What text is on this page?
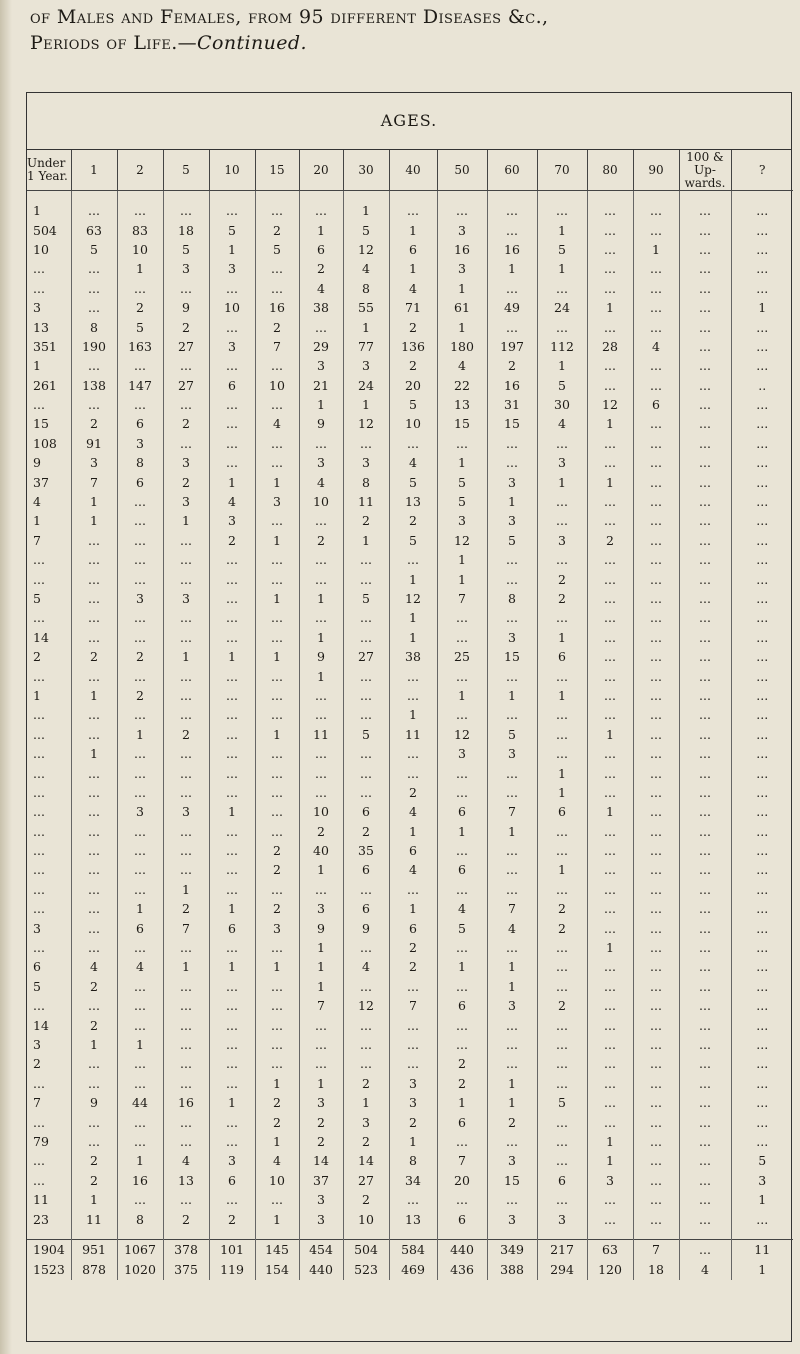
of Males and Females, from 95 different Diseases &c.,
Periods of Life.—Continued.
AGES.
Under 1 Year.	1	2	5	10	15	20	30	40	50	60	70	80	90	100 & Up-wards.	?

1	...	...	...	...	...	...	1	...	...	...	...	...	...	...	...
504	63	83	18	5	2	1	5	1	3	...	1	...	...	...	...
10	5	10	5	1	5	6	12	6	16	16	5	...	1	...	...
...	...	1	3	3	...	2	4	1	3	1	1	...	...	...	...
...	...	...	...	...	...	4	8	4	1	...	...	...	...	...	...
3	...	2	9	10	16	38	55	71	61	49	24	1	...	...	1
13	8	5	2	...	2	...	1	2	1	...	...	...	...	...	...
351	190	163	27	3	7	29	77	136	180	197	112	28	4	...	...
1	...	...	...	...	...	3	3	2	4	2	1	...	...	...	...
261	138	147	27	6	10	21	24	20	22	16	5	...	...	...	..
...	...	...	...	...	...	1	1	5	13	31	30	12	6	...	...
15	2	6	2	...	4	9	12	10	15	15	4	1	...	...	...
108	91	3	...	...	...	...	...	...	...	...	...	...	...	...	...
9	3	8	3	...	...	3	3	4	1	...	3	...	...	...	...
37	7	6	2	1	1	4	8	5	5	3	1	1	...	...	...
4	1	...	3	4	3	10	11	13	5	1	...	...	...	...	...
1	1	...	1	3	...	...	2	2	3	3	...	...	...	...	...
7	...	...	...	2	1	2	1	5	12	5	3	2	...	...	...
...	...	...	...	...	...	...	...	...	1	...	...	...	...	...	...
...	...	...	...	...	...	...	...	1	1	...	2	...	...	...	...
5	...	3	3	...	1	1	5	12	7	8	2	...	...	...	...
...	...	...	...	...	...	...	...	1	...	...	...	...	...	...	...
14	...	...	...	...	...	1	...	1	...	3	1	...	...	...	...
2	2	2	1	1	1	9	27	38	25	15	6	...	...	...	...
...	...	...	...	...	...	1	...	...	...	...	...	...	...	...	...
1	1	2	...	...	...	...	...	...	1	1	1	...	...	...	...
...	...	...	...	...	...	...	...	1	...	...	...	...	...	...	...
...	...	1	2	...	1	11	5	11	12	5	...	1	...	...	...
...	1	...	...	...	...	...	...	...	3	3	...	...	...	...	...
...	...	...	...	...	...	...	...	...	...	...	1	...	...	...	...
...	...	...	...	...	...	...	...	2	...	...	1	...	...	...	...
...	...	3	3	1	...	10	6	4	6	7	6	1	...	...	...
...	...	...	...	...	...	2	2	1	1	1	...	...	...	...	...
...	...	...	...	...	2	40	35	6	...	...	...	...	...	...	...
...	...	...	...	...	2	1	6	4	6	...	1	...	...	...	...
...	...	...	1	...	...	...	...	...	...	...	...	...	...	...	...
...	...	1	2	1	2	3	6	1	4	7	2	...	...	...	...
3	...	6	7	6	3	9	9	6	5	4	2	...	...	...	...
...	...	...	...	...	...	1	...	2	...	...	...	1	...	...	...
6	4	4	1	1	1	1	4	2	1	1	...	...	...	...	...
5	2	...	...	...	...	1	...	...	...	1	...	...	...	...	...
...	...	...	...	...	...	7	12	7	6	3	2	...	...	...	...
14	2	...	...	...	...	...	...	...	...	...	...	...	...	...	...
3	1	1	...	...	...	...	...	...	...	...	...	...	...	...	...
2	...	...	...	...	...	...	...	...	2	...	...	...	...	...	...
...	...	...	...	...	1	1	2	3	2	1	...	...	...	...	...
7	9	44	16	1	2	3	1	3	1	1	5	...	...	...	...
...	...	...	...	...	2	2	3	2	6	2	...	...	...	...	...
79	...	...	...	...	1	2	2	1	...	...	...	1	...	...	...
...	2	1	4	3	4	14	14	8	7	3	...	1	...	...	5
...	2	16	13	6	10	37	27	34	20	15	6	3	...	...	3
11	1	...	...	...	...	3	2	...	...	...	...	...	...	...	1
23	11	8	2	2	1	3	10	13	6	3	3	...	...	...	...

1904	951	1067	378	101	145	454	504	584	440	349	217	63	7	...	11
1523	878	1020	375	119	154	440	523	469	436	388	294	120	18	4	1
